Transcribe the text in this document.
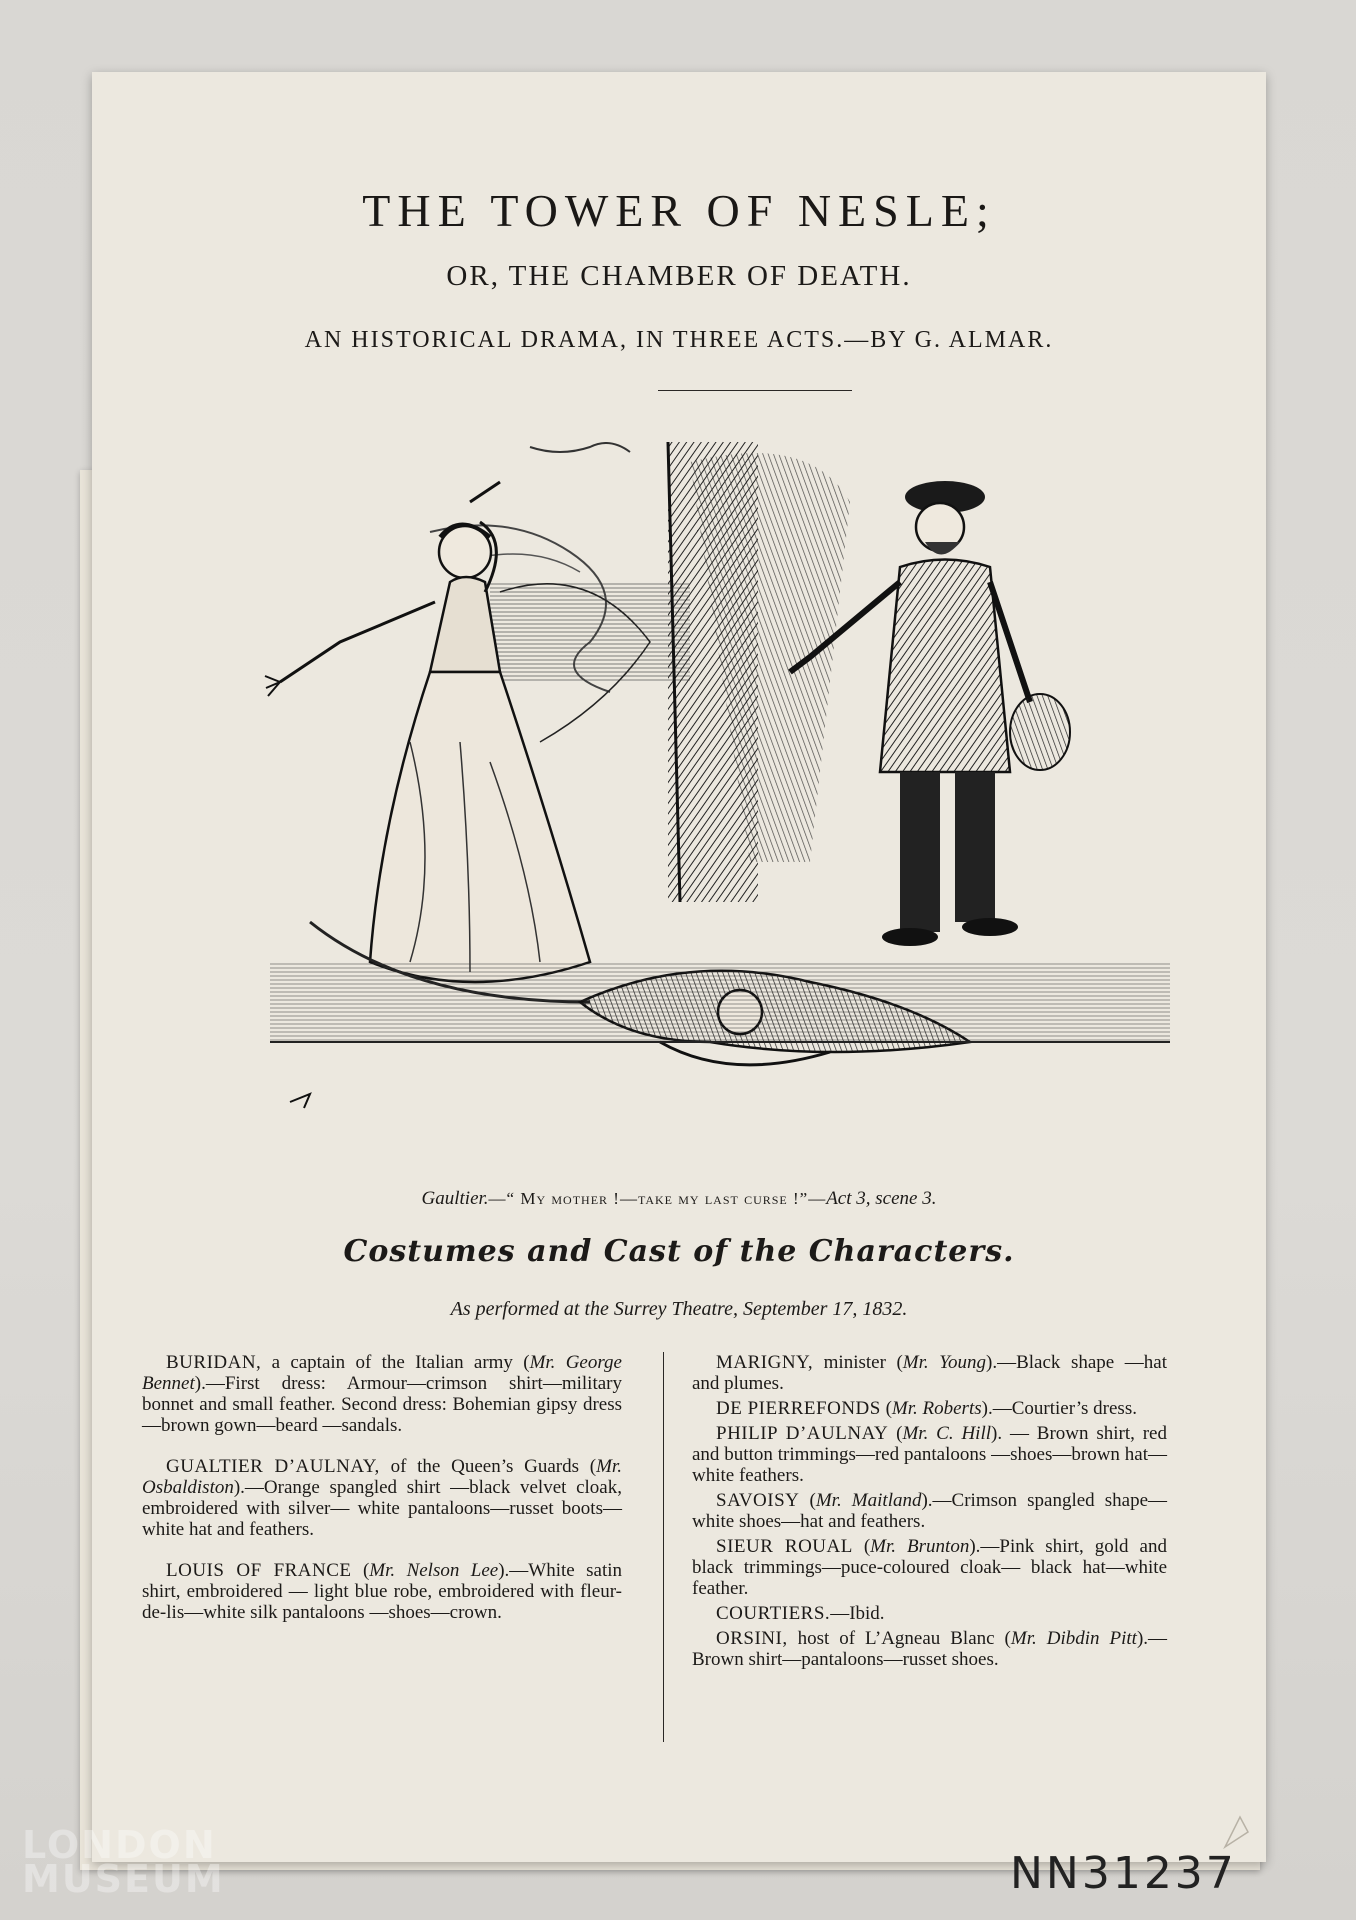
THE TOWER OF NESLE;
OR, THE CHAMBER OF DEATH.
AN HISTORICAL DRAMA, IN THREE ACTS.—BY G. ALMAR.
Gaultier.—“ My mother !—take my last curse !”—Act 3, scene 3.
Costumes and Cast of the Characters.
As performed at the Surrey Theatre, September 17, 1832.

BURIDAN, a captain of the Italian army (Mr. George Bennet).—First dress: Armour—crimson shirt—military bonnet and small feather. Second dress: Bohemian gipsy dress—brown gown—beard —sandals.

GUALTIER D’AULNAY, of the Queen’s Guards (Mr. Osbaldiston).—Orange spangled shirt —black velvet cloak, embroidered with silver— white pantaloons—russet boots—white hat and feathers.

LOUIS OF FRANCE (Mr. Nelson Lee).—White satin shirt, embroidered — light blue robe, embroidered with fleur-de-lis—white silk pantaloons —shoes—crown.

MARIGNY, minister (Mr. Young).—Black shape —hat and plumes.

DE PIERREFONDS (Mr. Roberts).—Courtier’s dress.

PHILIP D’AULNAY (Mr. C. Hill). — Brown shirt, red and button trimmings—red pantaloons —shoes—brown hat—white feathers.

SAVOISY (Mr. Maitland).—Crimson spangled shape—white shoes—hat and feathers.

SIEUR ROUAL (Mr. Brunton).—Pink shirt, gold and black trimmings—puce-coloured cloak— black hat—white feather.

COURTIERS.—Ibid.

ORSINI, host of L’Agneau Blanc (Mr. Dibdin Pitt).—Brown shirt—pantaloons—russet shoes.

LONDON
MUSEUM	NN31237
